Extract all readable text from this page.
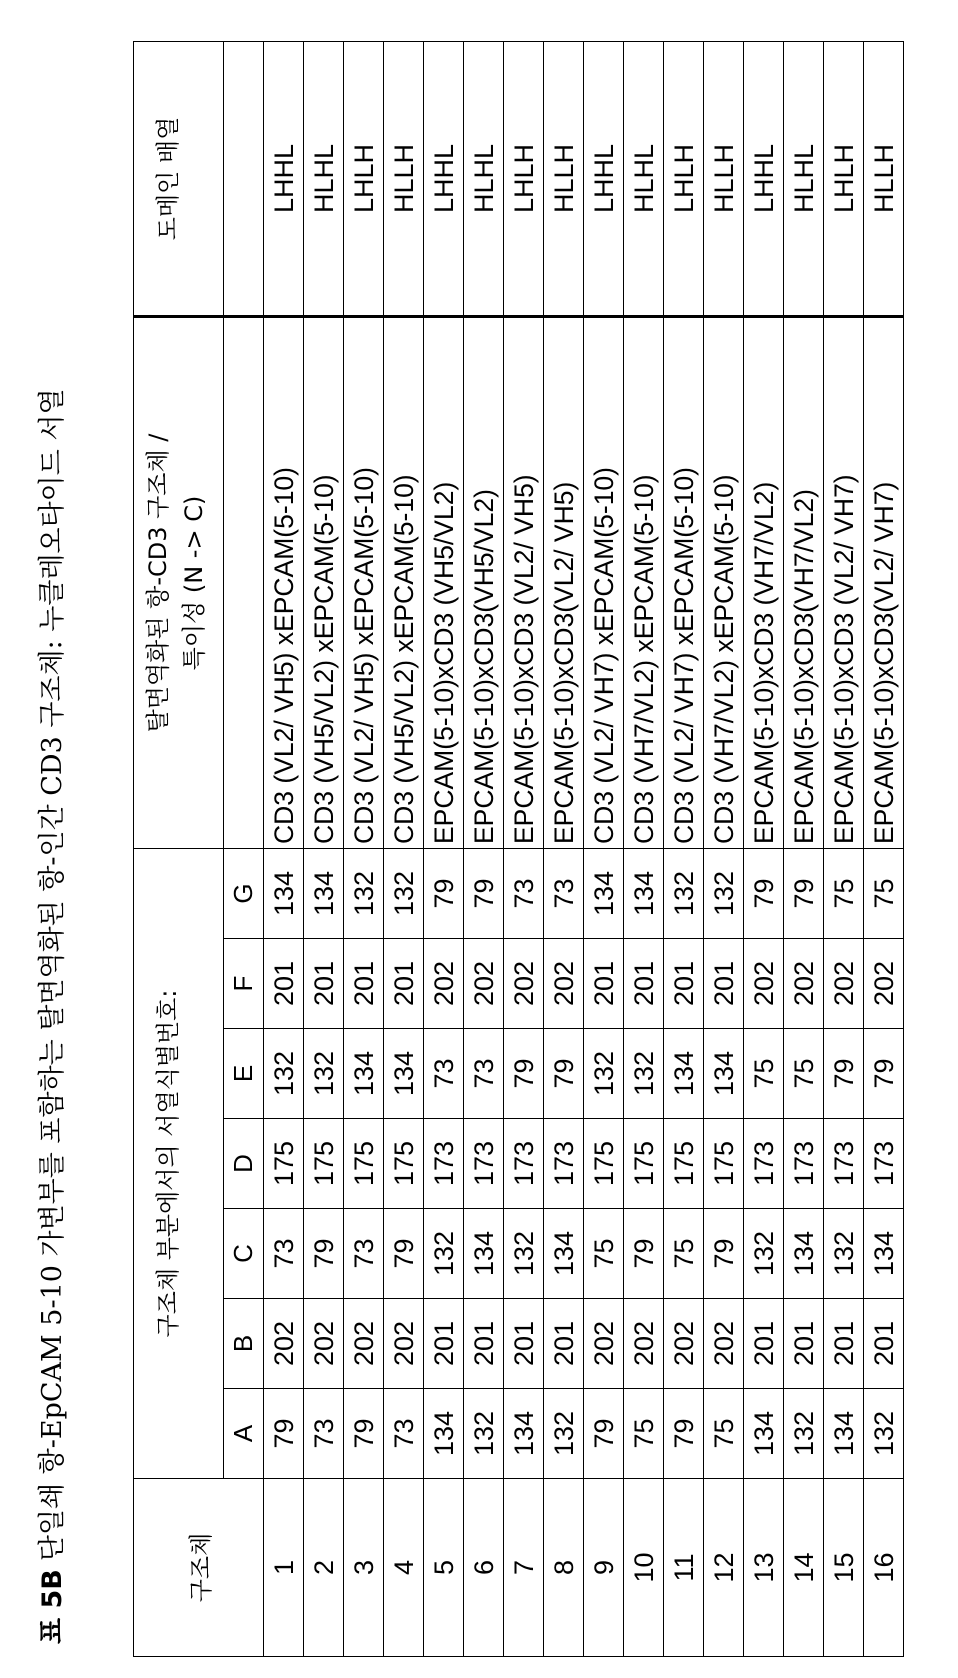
표 5B단일쇄 항-EpCAM 5-10 가변부를 포함하는 탈면역화된 항-인간 CD3 구조체: 누클레오타이드 서열
구조체	구조체 부분에서의 서열식별번호:	
탈면역화된 항-CD3 구조체 / 특이성 (N -> C)
	도메인 배열
A	B	C	D	E	F	G		
1	79	202	73	175	132	201	134	CD3 (VL2/ VH5) xEPCAM(5-10)	LHHL
2	73	202	79	175	132	201	134	CD3 (VH5/VL2) xEPCAM(5-10)	HLHL
3	79	202	73	175	134	201	132	CD3 (VL2/ VH5) xEPCAM(5-10)	LHLH
4	73	202	79	175	134	201	132	CD3 (VH5/VL2) xEPCAM(5-10)	HLLH
5	134	201	132	173	73	202	79	EPCAM(5-10)xCD3 (VH5/VL2)	LHHL
6	132	201	134	173	73	202	79	EPCAM(5-10)xCD3(VH5/VL2)	HLHL
7	134	201	132	173	79	202	73	EPCAM(5-10)xCD3 (VL2/ VH5)	LHLH
8	132	201	134	173	79	202	73	EPCAM(5-10)xCD3(VL2/ VH5)	HLLH
9	79	202	75	175	132	201	134	CD3 (VL2/ VH7) xEPCAM(5-10)	LHHL
10	75	202	79	175	132	201	134	CD3 (VH7/VL2) xEPCAM(5-10)	HLHL
11	79	202	75	175	134	201	132	CD3 (VL2/ VH7) xEPCAM(5-10)	LHLH
12	75	202	79	175	134	201	132	CD3 (VH7/VL2) xEPCAM(5-10)	HLLH
13	134	201	132	173	75	202	79	EPCAM(5-10)xCD3 (VH7/VL2)	LHHL
14	132	201	134	173	75	202	79	EPCAM(5-10)xCD3(VH7/VL2)	HLHL
15	134	201	132	173	79	202	75	EPCAM(5-10)xCD3 (VL2/ VH7)	LHLH
16	132	201	134	173	79	202	75	EPCAM(5-10)xCD3(VL2/ VH7)	HLLH
